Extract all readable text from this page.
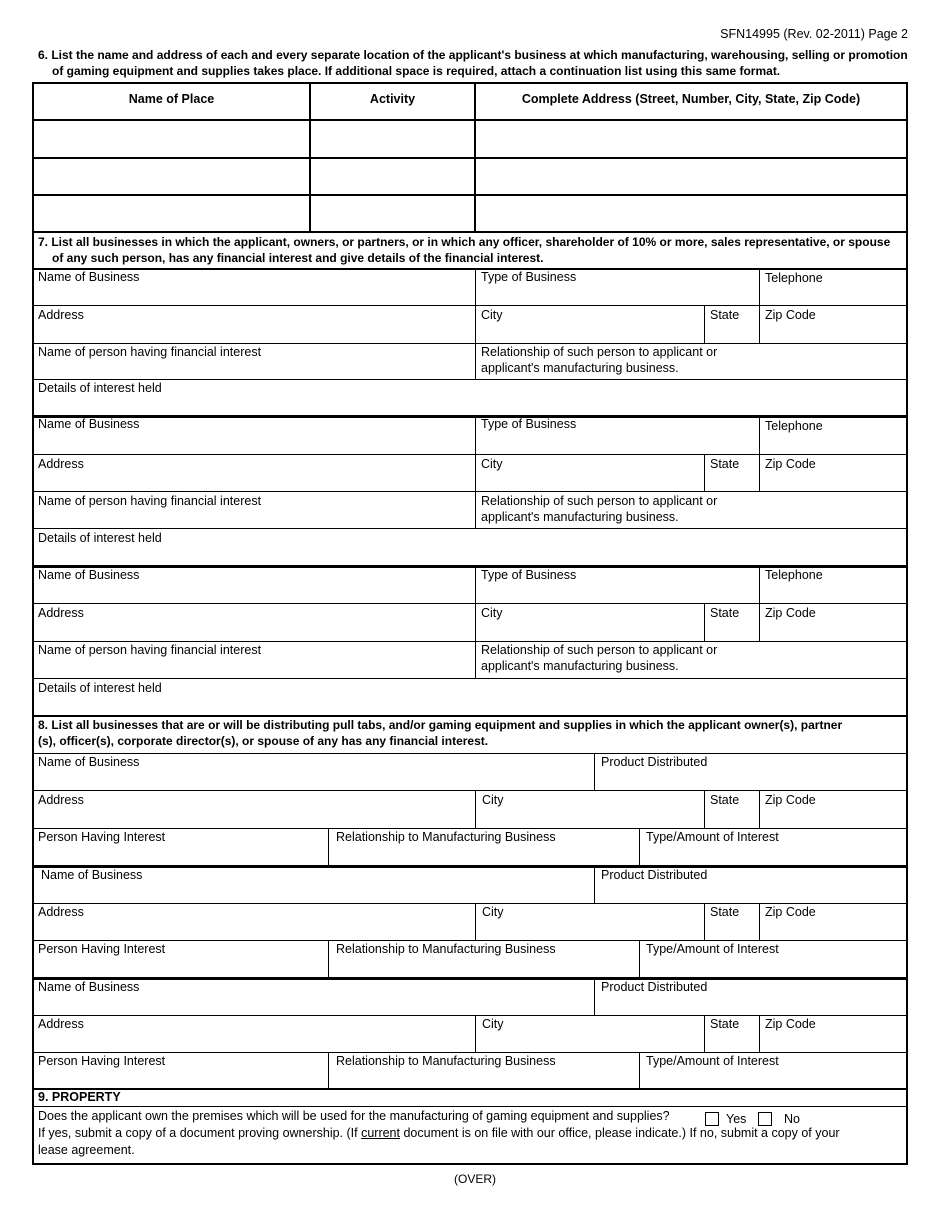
SFN14995 (Rev. 02-2011) Page 2
6. List the name and address of each and every separate location of the applicant's business at which manufacturing, warehousing, selling or promotion
of gaming equipment and supplies takes place. If additional space is required, attach a continuation list using this same format.
Name of Place	Activity	Complete Address (Street, Number, City, State, Zip Code)
7. List all businesses in which the applicant, owners, or partners, or in which any officer, shareholder of 10% or more, sales representative, or spouse
of any such person, has any financial interest and give details of the financial interest.
Name of Business	Type of Business	Telephone
Address	City	State Zip Code
Name of person having financial interest	Relationship of such person to applicant or
applicant's manufacturing business.
Details of interest held
Name of Business	Type of Business	Telephone
Address	City	State Zip Code
Name of person having financial interest	Relationship of such person to applicant or
applicant's manufacturing business.
Details of interest held
Name of Business	Type of Business	Telephone
Address	City	State Zip Code
Name of person having financial interest	Relationship of such person to applicant or
applicant's manufacturing business.
Details of interest held
8. List all businesses that are or will be distributing pull tabs, and/or gaming equipment and supplies in which the applicant owner(s), partner
(s), officer(s), corporate director(s), or spouse of any has any financial interest.
Name of Business	Product Distributed
Address	City	State Zip Code
Person Having Interest	Relationship to Manufacturing Business	Type/Amount of Interest
Name of Business	Product Distributed
Address	City	State Zip Code
Person Having Interest	Relationship to Manufacturing Business	Type/Amount of Interest
Name of Business	Product Distributed
Address	City	State Zip Code
Person Having Interest	Relationship to Manufacturing Business	Type/Amount of Interest
9. PROPERTY
Does the applicant own the premises which will be used for the manufacturing of gaming equipment and supplies?	Yes	No
If yes, submit a copy of a document proving ownership. (If current document is on file with our office, please indicate.) If no, submit a copy of your
lease agreement.
(OVER)
